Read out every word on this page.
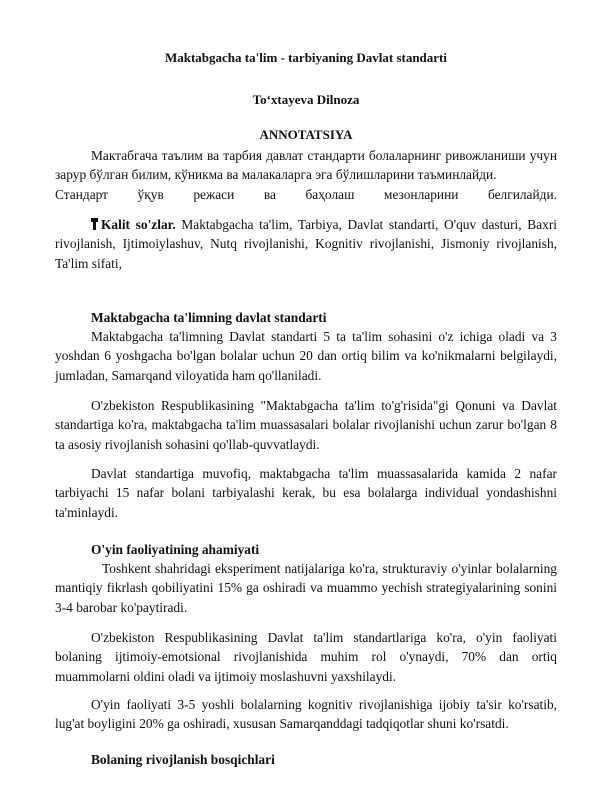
Maktabgacha ta'lim - tarbiyaning Davlat standarti
To‘xtayeva Dilnoza
ANNOTATSIYA
Мактабгача таълим ва тарбия давлат стандарти болаларнинг ривожланиши учун зарур бўлган билим, кўникма ва малакаларга эга бўлишларини таъминлайди.
Стандарт ўқув режаси ва баҳолаш мезонларини белгилайди.
Kalit so'zlar. Maktabgacha ta'lim, Tarbiya, Davlat standarti, O'quv dasturi, Baxri rivojlanish, Ijtimoiylashuv, Nutq rivojlanishi, Kognitiv rivojlanishi, Jismoniy rivojlanish, Ta'lim sifati,
Maktabgacha ta'limning davlat standarti
Maktabgacha ta'limning Davlat standarti 5 ta ta'lim sohasini o'z ichiga oladi va 3 yoshdan 6 yoshgacha bo'lgan bolalar uchun 20 dan ortiq bilim va ko'nikmalarni belgilaydi, jumladan, Samarqand viloyatida ham qo'llaniladi.
O'zbekiston Respublikasining "Maktabgacha ta'lim to'g'risida"gi Qonuni va Davlat standartiga ko'ra, maktabgacha ta'lim muassasalari bolalar rivojlanishi uchun zarur bo'lgan 8 ta asosiy rivojlanish sohasini qo'llab-quvvatlaydi.
Davlat standartiga muvofiq, maktabgacha ta'lim muassasalarida kamida 2 nafar tarbiyachi 15 nafar bolani tarbiyalashi kerak, bu esa bolalarga individual yondashishni ta'minlaydi.
O'yin faoliyatining ahamiyati
Toshkent shahridagi eksperiment natijalariga ko'ra, strukturaviy o'yinlar bolalarning mantiqiy fikrlash qobiliyatini 15% ga oshiradi va muammo yechish strategiyalarining sonini 3-4 barobar ko'paytiradi.
O'zbekiston Respublikasining Davlat ta'lim standartlariga ko'ra, o'yin faoliyati bolaning ijtimoiy-emotsional rivojlanishida muhim rol o'ynaydi, 70% dan ortiq muammolarni oldini oladi va ijtimoiy moslashuvni yaxshilaydi.
O'yin faoliyati 3-5 yoshli bolalarning kognitiv rivojlanishiga ijobiy ta'sir ko'rsatib, lug'at boyligini 20% ga oshiradi, xususan Samarqanddagi tadqiqotlar shuni ko'rsatdi.
Bolaning rivojlanish bosqichlari
